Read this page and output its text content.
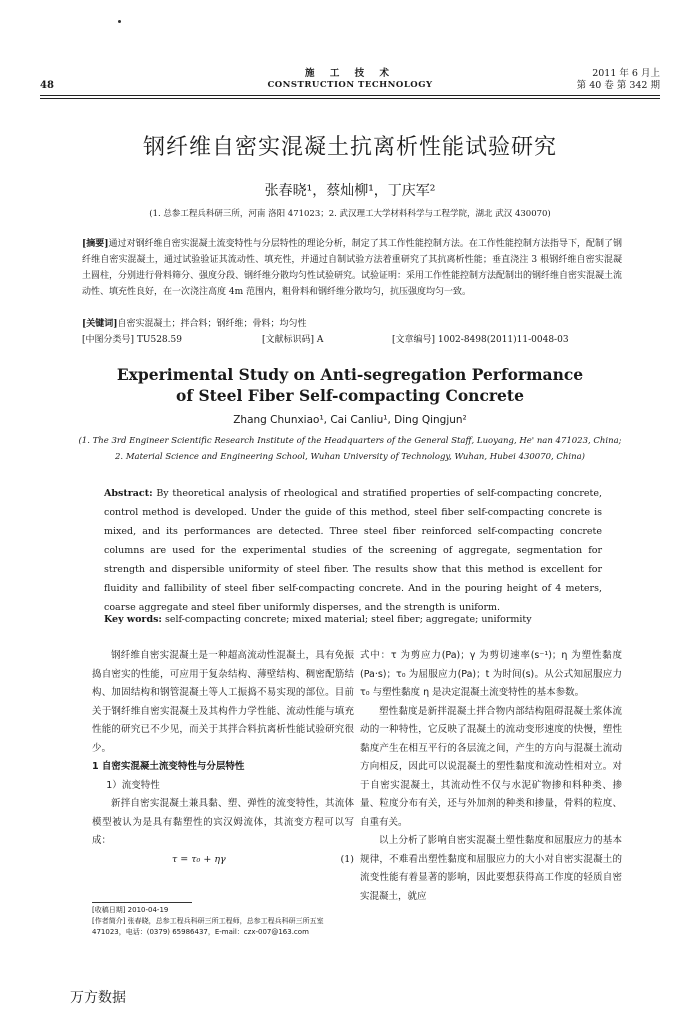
48
施 工 技 术
CONSTRUCTION TECHNOLOGY
2011 年 6 月上
第 40 卷 第 342 期
钢纤维自密实混凝土抗离析性能试验研究
张春晓¹，蔡灿柳¹，丁庆军²
(1. 总参工程兵科研三所，河南 洛阳 471023；2. 武汉理工大学材料科学与工程学院，湖北 武汉 430070)
[摘要]通过对钢纤维自密实混凝土流变特性与分层特性的理论分析，制定了其工作性能控制方法。在工作性能控制方法指导下，配制了钢纤维自密实混凝土，通过试验验证其流动性、填充性，并通过自制试验方法着重研究了其抗离析性能；垂直浇注 3 根钢纤维自密实混凝土圆柱，分别进行骨料筛分、强度分段、钢纤维分散均匀性试验研究。试验证明：采用工作性能控制方法配制出的钢纤维自密实混凝土流动性、填充性良好，在一次浇注高度 4m 范围内，粗骨料和钢纤维分散均匀，抗压强度均匀一致。
[关键词]自密实混凝土；拌合料；钢纤维；骨料；均匀性
[中图分类号] TU528.59	[文献标识码] A	[文章编号] 1002-8498(2011)11-0048-03
Experimental Study on Anti-segregation Performance
of Steel Fiber Self-compacting Concrete
Zhang Chunxiao¹, Cai Canliu¹, Ding Qingjun²
(1. The 3rd Engineer Scientific Research Institute of the Headquarters of the General Staff, Luoyang, He' nan 471023, China;
2. Material Science and Engineering School, Wuhan University of Technology, Wuhan, Hubei 430070, China)
Abstract: By theoretical analysis of rheological and stratified properties of self-compacting concrete, control method is developed. Under the guide of this method, steel fiber self-compacting concrete is mixed, and its performances are detected. Three steel fiber reinforced self-compacting concrete columns are used for the experimental studies of the screening of aggregate, segmentation for strength and dispersible uniformity of steel fiber. The results show that this method is excellent for fluidity and fallibility of steel fiber self-compacting concrete. And in the pouring height of 4 meters, coarse aggregate and steel fiber uniformly disperses, and the strength is uniform.
Key words: self-compacting concrete; mixed material; steel fiber; aggregate; uniformity

钢纤维自密实混凝土是一种超高流动性混凝土，具有免振捣自密实的性能，可应用于复杂结构、薄壁结构、稠密配筋结构、加固结构和钢管混凝土等人工振捣不易实现的部位。目前关于钢纤维自密实混凝土及其构件力学性能、流动性能与填充性能的研究已不少见，而关于其拌合料抗离析性能试验研究很少。

1 自密实混凝土流变特性与分层特性
1）流变特性

新拌自密实混凝土兼具黏、塑、弹性的流变特性，其流体模型被认为是具有黏塑性的宾汉姆流体，其流变方程可以写成：

τ = τ₀ + ηγ	(1)

式中：τ 为剪应力(Pa)；γ 为剪切速率(s⁻¹)；η 为塑性黏度(Pa·s)；τ₀ 为屈服应力(Pa)；t 为时间(s)。从公式知屈服应力 τ₀ 与塑性黏度 η 是决定混凝土流变特性的基本参数。

塑性黏度是新拌混凝土拌合物内部结构阻碍混凝土浆体流动的一种特性，它反映了混凝土的流动变形速度的快慢，塑性黏度产生在相互平行的各层流之间，产生的方向与混凝土流动方向相反，因此可以说混凝土的塑性黏度和流动性相对立。对于自密实混凝土，其流动性不仅与水泥矿物掺和料种类、掺量、粒度分布有关，还与外加剂的种类和掺量，骨料的粒度、自重有关。

以上分析了影响自密实混凝土塑性黏度和屈服应力的基本规律，不难看出塑性黏度和屈服应力的大小对自密实混凝土的流变性能有着显著的影响，因此要想获得高工作度的轻质自密实混凝土，就应

[收稿日期] 2010-04-19
[作者简介] 张春晓，总参工程兵科研三所工程师，总参工程兵科研三所五室 471023，电话：(0379) 65986437，E-mail：czx-007@163.com
万方数据
